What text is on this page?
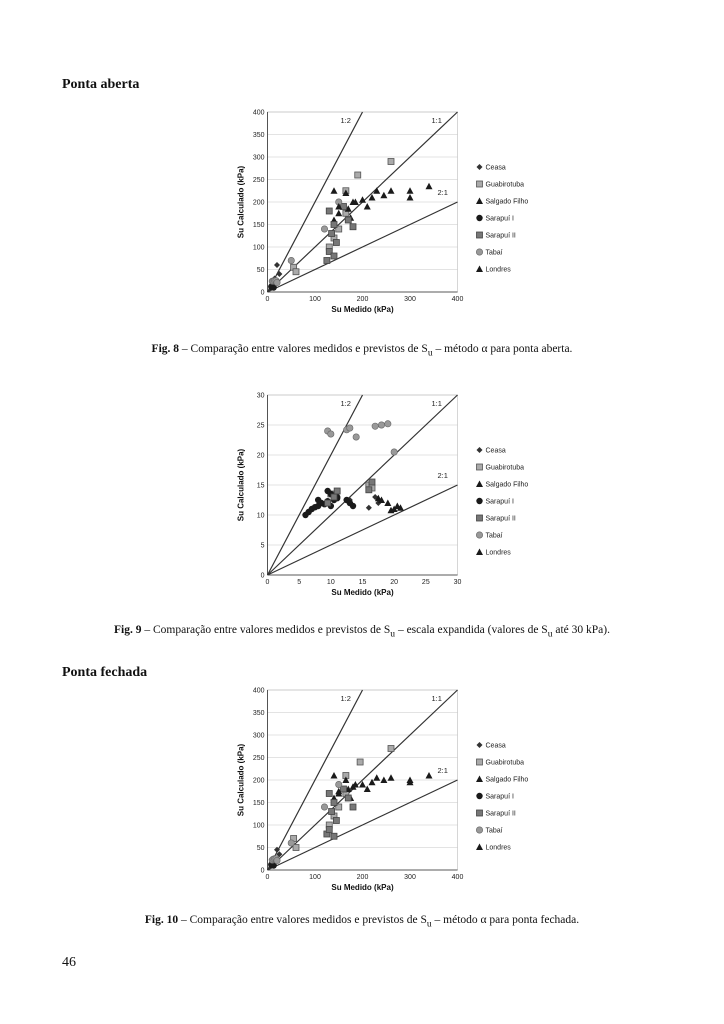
Ponta aberta
0
50
100
150
200
250
300
350
400
0	100	200	300	400
Su Medido (kPa)
Su Calculado (kPa)
1:2	1:1
2:1
Ceasa
Guabirotuba
Salgado Filho
Sarapuí I
Sarapuí II
Tabaí
Londres
Fig. 8 – Comparação entre valores medidos e previstos de $S_u$ – método α para ponta aberta.
0
5
10
15
20
25
30
0	5	10	15	20	25	30
Su Medido (kPa)
Su Calculado (kPa)
1:2	1:1
2:1
Ceasa
Guabirotuba
Salgado Filho
Sarapuí I
Sarapuí II
Tabaí
Londres
Fig. 9 – Comparação entre valores medidos e previstos de $S_u$ – escala expandida (valores de $S_u$ até 30 kPa).
Ponta fechada
0
50
100
150
200
250
300
350
400
0	100	200	300	400
Su Medido (kPa)
Su Calculado (kPa)
1:2	1:1
2:1
Ceasa
Guabirotuba
Salgado Filho
Sarapuí I
Sarapuí II
Tabaí
Londres
Fig. 10 – Comparação entre valores medidos e previstos de $S_u$ – método α para ponta fechada.
46
